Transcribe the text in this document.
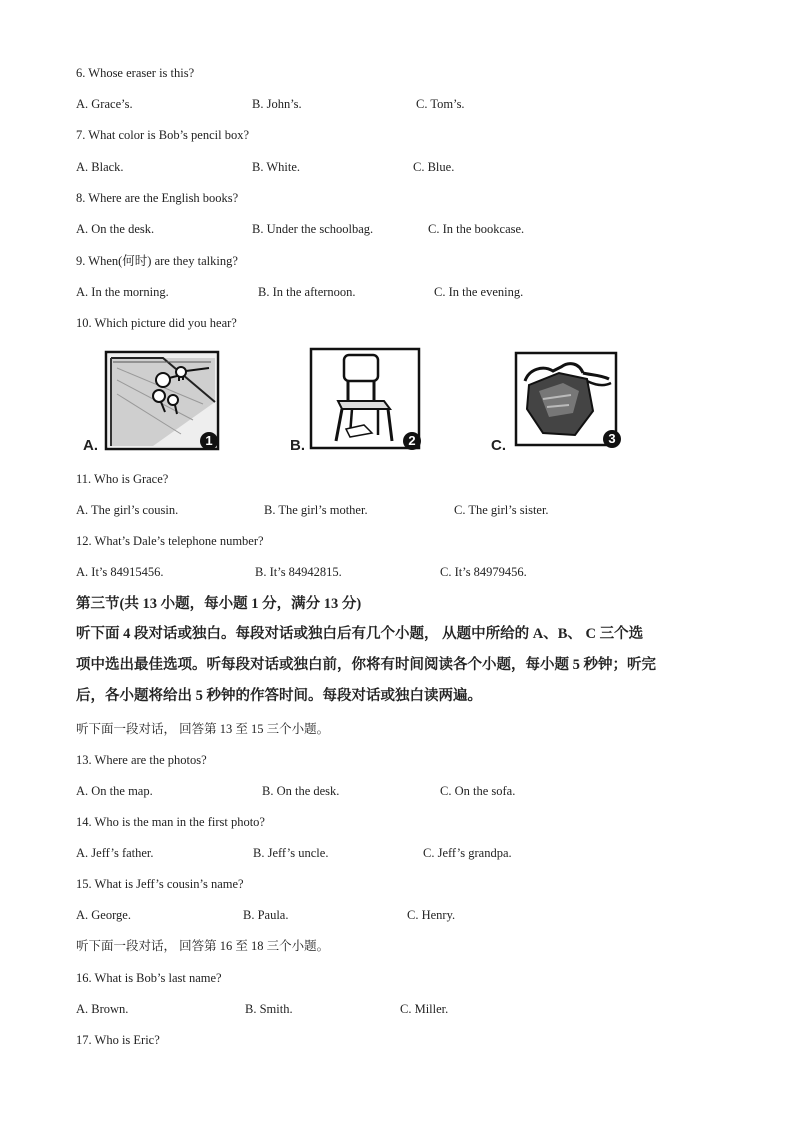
6. Whose eraser is this?
A. Grace’s.	B. John’s.	C. Tom’s.
7. What color is Bob’s pencil box?
A. Black.	B. White.	C. Blue.
8. Where are the English books?
A. On the desk.	B. Under the schoolbag.	C. In the bookcase.
9. When(何时) are they talking?
A. In the morning.	B. In the afternoon.	C. In the evening.
10. Which picture did you hear?
A.	1	B.	2	C.	3
11. Who is Grace?
A. The girl’s cousin.	B. The girl’s mother.	C. The girl’s sister.
12. What’s Dale’s telephone number?
A. It’s 84915456.	B. It’s 84942815.	C. It’s 84979456.
第三节(共 13 小题，每小题 1 分，满分 13 分)
听下面 4 段对话或独白。每段对话或独白后有几个小题， 从题中所给的 A、B、 C 三个选
项中选出最佳选项。听每段对话或独白前，你将有时间阅读各个小题，每小题 5 秒钟；听完
后，各小题将给出 5 秒钟的作答时间。每段对话或独白读两遍。
听下面一段对话， 回答第 13 至 15 三个小题。
13. Where are the photos?
A. On the map.	B. On the desk.	C. On the sofa.
14. Who is the man in the first photo?
A. Jeff’s father.	B. Jeff’s uncle.	C. Jeff’s grandpa.
15. What is Jeff’s cousin’s name?
A. George.	B. Paula.	C. Henry.
听下面一段对话， 回答第 16 至 18 三个小题。
16. What is Bob’s last name?
A. Brown.	B. Smith.	C. Miller.
17. Who is Eric?
